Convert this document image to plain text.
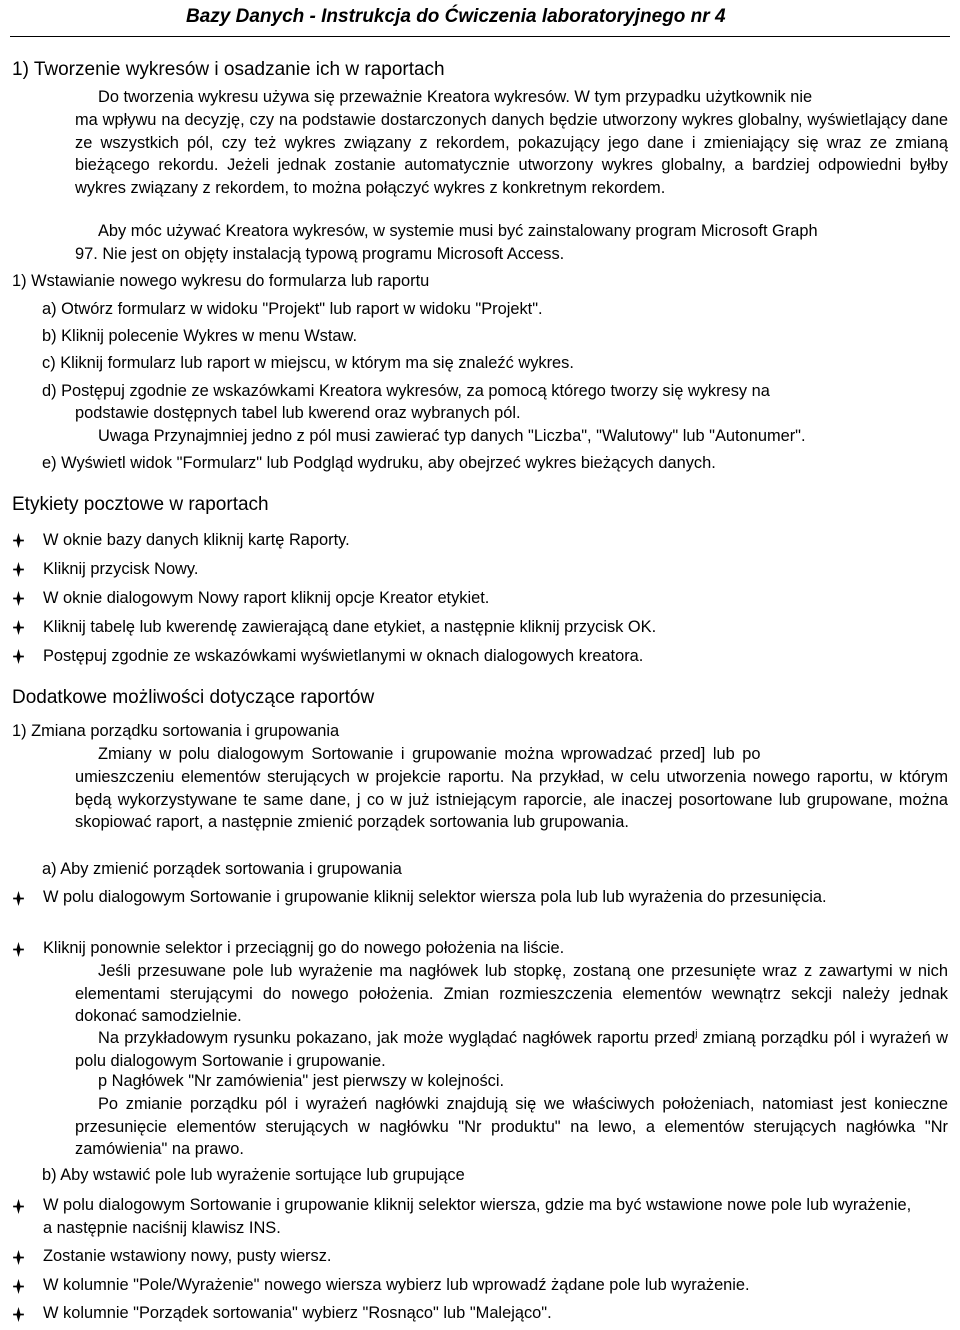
Bazy Danych - Instrukcja do Ćwiczenia laboratoryjnego nr 4
1) Tworzenie wykresów i osadzanie ich w raportach
Do tworzenia wykresu używa się przeważnie Kreatora wykresów. W tym przypadku użytkownik nie
ma wpływu na decyzję, czy na podstawie dostarczonych danych będzie utworzony wykres globalny, wyświetlający dane ze wszystkich pól, czy też wykres związany z rekordem, pokazujący jego dane i zmieniający się wraz ze zmianą bieżącego rekordu. Jeżeli jednak zostanie automatycznie utworzony wykres globalny, a bardziej odpowiedni byłby wykres związany z rekordem, to można połączyć wykres z konkretnym rekordem.
Aby móc używać Kreatora wykresów, w systemie musi być zainstalowany program Microsoft Graph
97. Nie jest on objęty instalacją typową programu Microsoft Access.
1) Wstawianie nowego wykresu do formularza lub raportu
a) Otwórz formularz w widoku "Projekt" lub raport w widoku "Projekt".
b) Kliknij polecenie Wykres w menu Wstaw.
c) Kliknij formularz lub raport w miejscu, w którym ma się znaleźć wykres.
d) Postępuj zgodnie ze wskazówkami Kreatora wykresów, za pomocą którego tworzy się wykresy na
podstawie dostępnych tabel lub kwerend oraz wybranych pól.
Uwaga Przynajmniej jedno z pól musi zawierać typ danych "Liczba", "Walutowy" lub "Autonumer".
e) Wyświetl widok "Formularz" lub Podgląd wydruku, aby obejrzeć wykres bieżących danych.
Etykiety pocztowe w raportach
W oknie bazy danych kliknij kartę Raporty.
Kliknij przycisk Nowy.
W oknie dialogowym Nowy raport kliknij opcje Kreator etykiet.
Kliknij tabelę lub kwerendę zawierającą dane etykiet, a następnie kliknij przycisk OK.
Postępuj zgodnie ze wskazówkami wyświetlanymi w oknach dialogowych kreatora.
Dodatkowe możliwości dotyczące raportów
1) Zmiana porządku sortowania i grupowania
Zmiany w polu dialogowym Sortowanie i grupowanie można wprowadzać przed] lub po
umieszczeniu elementów sterujących w projekcie raportu. Na przykład, w celu utworzenia nowego raportu, w którym będą wykorzystywane te same dane, j co w już istniejącym raporcie, ale inaczej posortowane lub grupowane, można skopiować raport, a następnie zmienić porządek sortowania lub grupowania.
a) Aby zmienić porządek sortowania i grupowania
W polu dialogowym Sortowanie i grupowanie kliknij selektor wiersza pola lub lub wyrażenia do przesunięcia.
Kliknij ponownie selektor i przeciągnij go do nowego położenia na liście.
Jeśli przesuwane pole lub wyrażenie ma nagłówek lub stopkę, zostaną one przesunięte wraz z zawartymi w nich elementami sterującymi do nowego położenia. Zmian rozmieszczenia elementów wewnątrz sekcji należy jednak dokonać samodzielnie.
Na przykładowym rysunku pokazano, jak może wyglądać nagłówek raportu przed$^j$ zmianą porządku pól i wyrażeń w polu dialogowym Sortowanie i grupowanie.
p Nagłówek "Nr zamówienia" jest pierwszy w kolejności.
Po zmianie porządku pól i wyrażeń nagłówki znajdują się we właściwych położeniach, natomiast jest konieczne przesunięcie elementów sterujących w nagłówku "Nr produktu" na lewo, a elementów sterujących nagłówka "Nr zamówienia" na prawo.
b) Aby wstawić pole lub wyrażenie sortujące lub grupujące
W polu dialogowym Sortowanie i grupowanie kliknij selektor wiersza, gdzie ma być wstawione nowe pole lub wyrażenie, a następnie naciśnij klawisz INS.
Zostanie wstawiony nowy, pusty wiersz.
W kolumnie "Pole/Wyrażenie" nowego wiersza wybierz lub wprowadź żądane pole lub wyrażenie.
W kolumnie "Porządek sortowania" wybierz "Rosnąco" lub "Malejąco".
